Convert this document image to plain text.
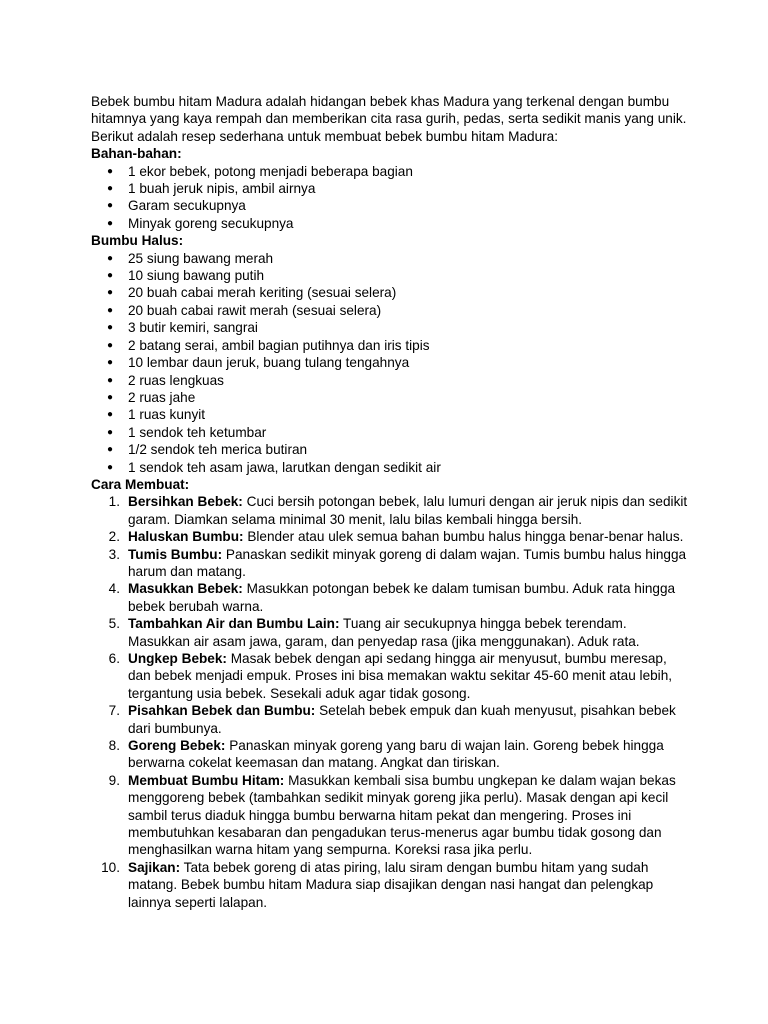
Bebek bumbu hitam Madura adalah hidangan bebek khas Madura yang terkenal dengan bumbu hitamnya yang kaya rempah dan memberikan cita rasa gurih, pedas, serta sedikit manis yang unik. Berikut adalah resep sederhana untuk membuat bebek bumbu hitam Madura:

Bahan-bahan:
● 1 ekor bebek, potong menjadi beberapa bagian
● 1 buah jeruk nipis, ambil airnya
● Garam secukupnya
● Minyak goreng secukupnya
Bumbu Halus:
● 25 siung bawang merah
● 10 siung bawang putih
● 20 buah cabai merah keriting (sesuai selera)
● 20 buah cabai rawit merah (sesuai selera)
● 3 butir kemiri, sangrai
● 2 batang serai, ambil bagian putihnya dan iris tipis
● 10 lembar daun jeruk, buang tulang tengahnya
● 2 ruas lengkuas
● 2 ruas jahe
● 1 ruas kunyit
● 1 sendok teh ketumbar
● 1/2 sendok teh merica butiran
● 1 sendok teh asam jawa, larutkan dengan sedikit air
Cara Membuat:
1. Bersihkan Bebek: Cuci bersih potongan bebek, lalu lumuri dengan air jeruk nipis dan sedikit garam. Diamkan selama minimal 30 menit, lalu bilas kembali hingga bersih.
2. Haluskan Bumbu: Blender atau ulek semua bahan bumbu halus hingga benar-benar halus.
3. Tumis Bumbu: Panaskan sedikit minyak goreng di dalam wajan. Tumis bumbu halus hingga harum dan matang.
4. Masukkan Bebek: Masukkan potongan bebek ke dalam tumisan bumbu. Aduk rata hingga bebek berubah warna.
5. Tambahkan Air dan Bumbu Lain: Tuang air secukupnya hingga bebek terendam. Masukkan air asam jawa, garam, dan penyedap rasa (jika menggunakan). Aduk rata.
6. Ungkep Bebek: Masak bebek dengan api sedang hingga air menyusut, bumbu meresap, dan bebek menjadi empuk. Proses ini bisa memakan waktu sekitar 45-60 menit atau lebih, tergantung usia bebek. Sesekali aduk agar tidak gosong.
7. Pisahkan Bebek dan Bumbu: Setelah bebek empuk dan kuah menyusut, pisahkan bebek dari bumbunya.
8. Goreng Bebek: Panaskan minyak goreng yang baru di wajan lain. Goreng bebek hingga berwarna cokelat keemasan dan matang. Angkat dan tiriskan.
9. Membuat Bumbu Hitam: Masukkan kembali sisa bumbu ungkepan ke dalam wajan bekas menggoreng bebek (tambahkan sedikit minyak goreng jika perlu). Masak dengan api kecil sambil terus diaduk hingga bumbu berwarna hitam pekat dan mengering. Proses ini membutuhkan kesabaran dan pengadukan terus-menerus agar bumbu tidak gosong dan menghasilkan warna hitam yang sempurna. Koreksi rasa jika perlu.
10. Sajikan: Tata bebek goreng di atas piring, lalu siram dengan bumbu hitam yang sudah matang. Bebek bumbu hitam Madura siap disajikan dengan nasi hangat dan pelengkap lainnya seperti lalapan.
